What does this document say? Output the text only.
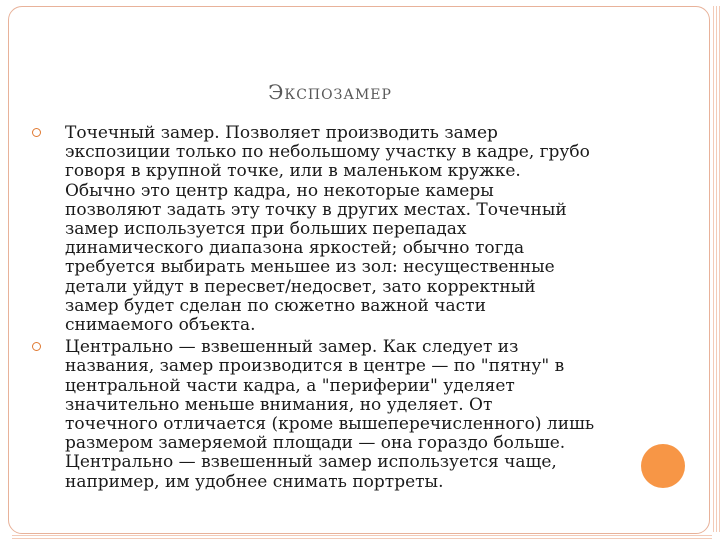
Экспозамер
Точечный замер. Позволяет производить замер
экспозиции только по небольшому участку в кадре, грубо
говоря в крупной точке, или в маленьком кружке.
Обычно это центр кадра, но некоторые камеры
позволяют задать эту точку в других местах. Точечный
замер используется при больших перепадах
динамического диапазона яркостей; обычно тогда
требуется выбирать меньшее из зол: несущественные
детали уйдут в пересвет/недосвет, зато корректный
замер будет сделан по сюжетно важной части
снимаемого объекта.
Центрально — взвешенный замер. Как следует из
названия, замер производится в центре — по "пятну" в
центральной части кадра, а "периферии" уделяет
значительно меньше внимания, но уделяет. От
точечного отличается (кроме вышеперечисленного) лишь
размером замеряемой площади — она гораздо больше.
Центрально — взвешенный замер используется чаще,
например, им удобнее снимать портреты.
